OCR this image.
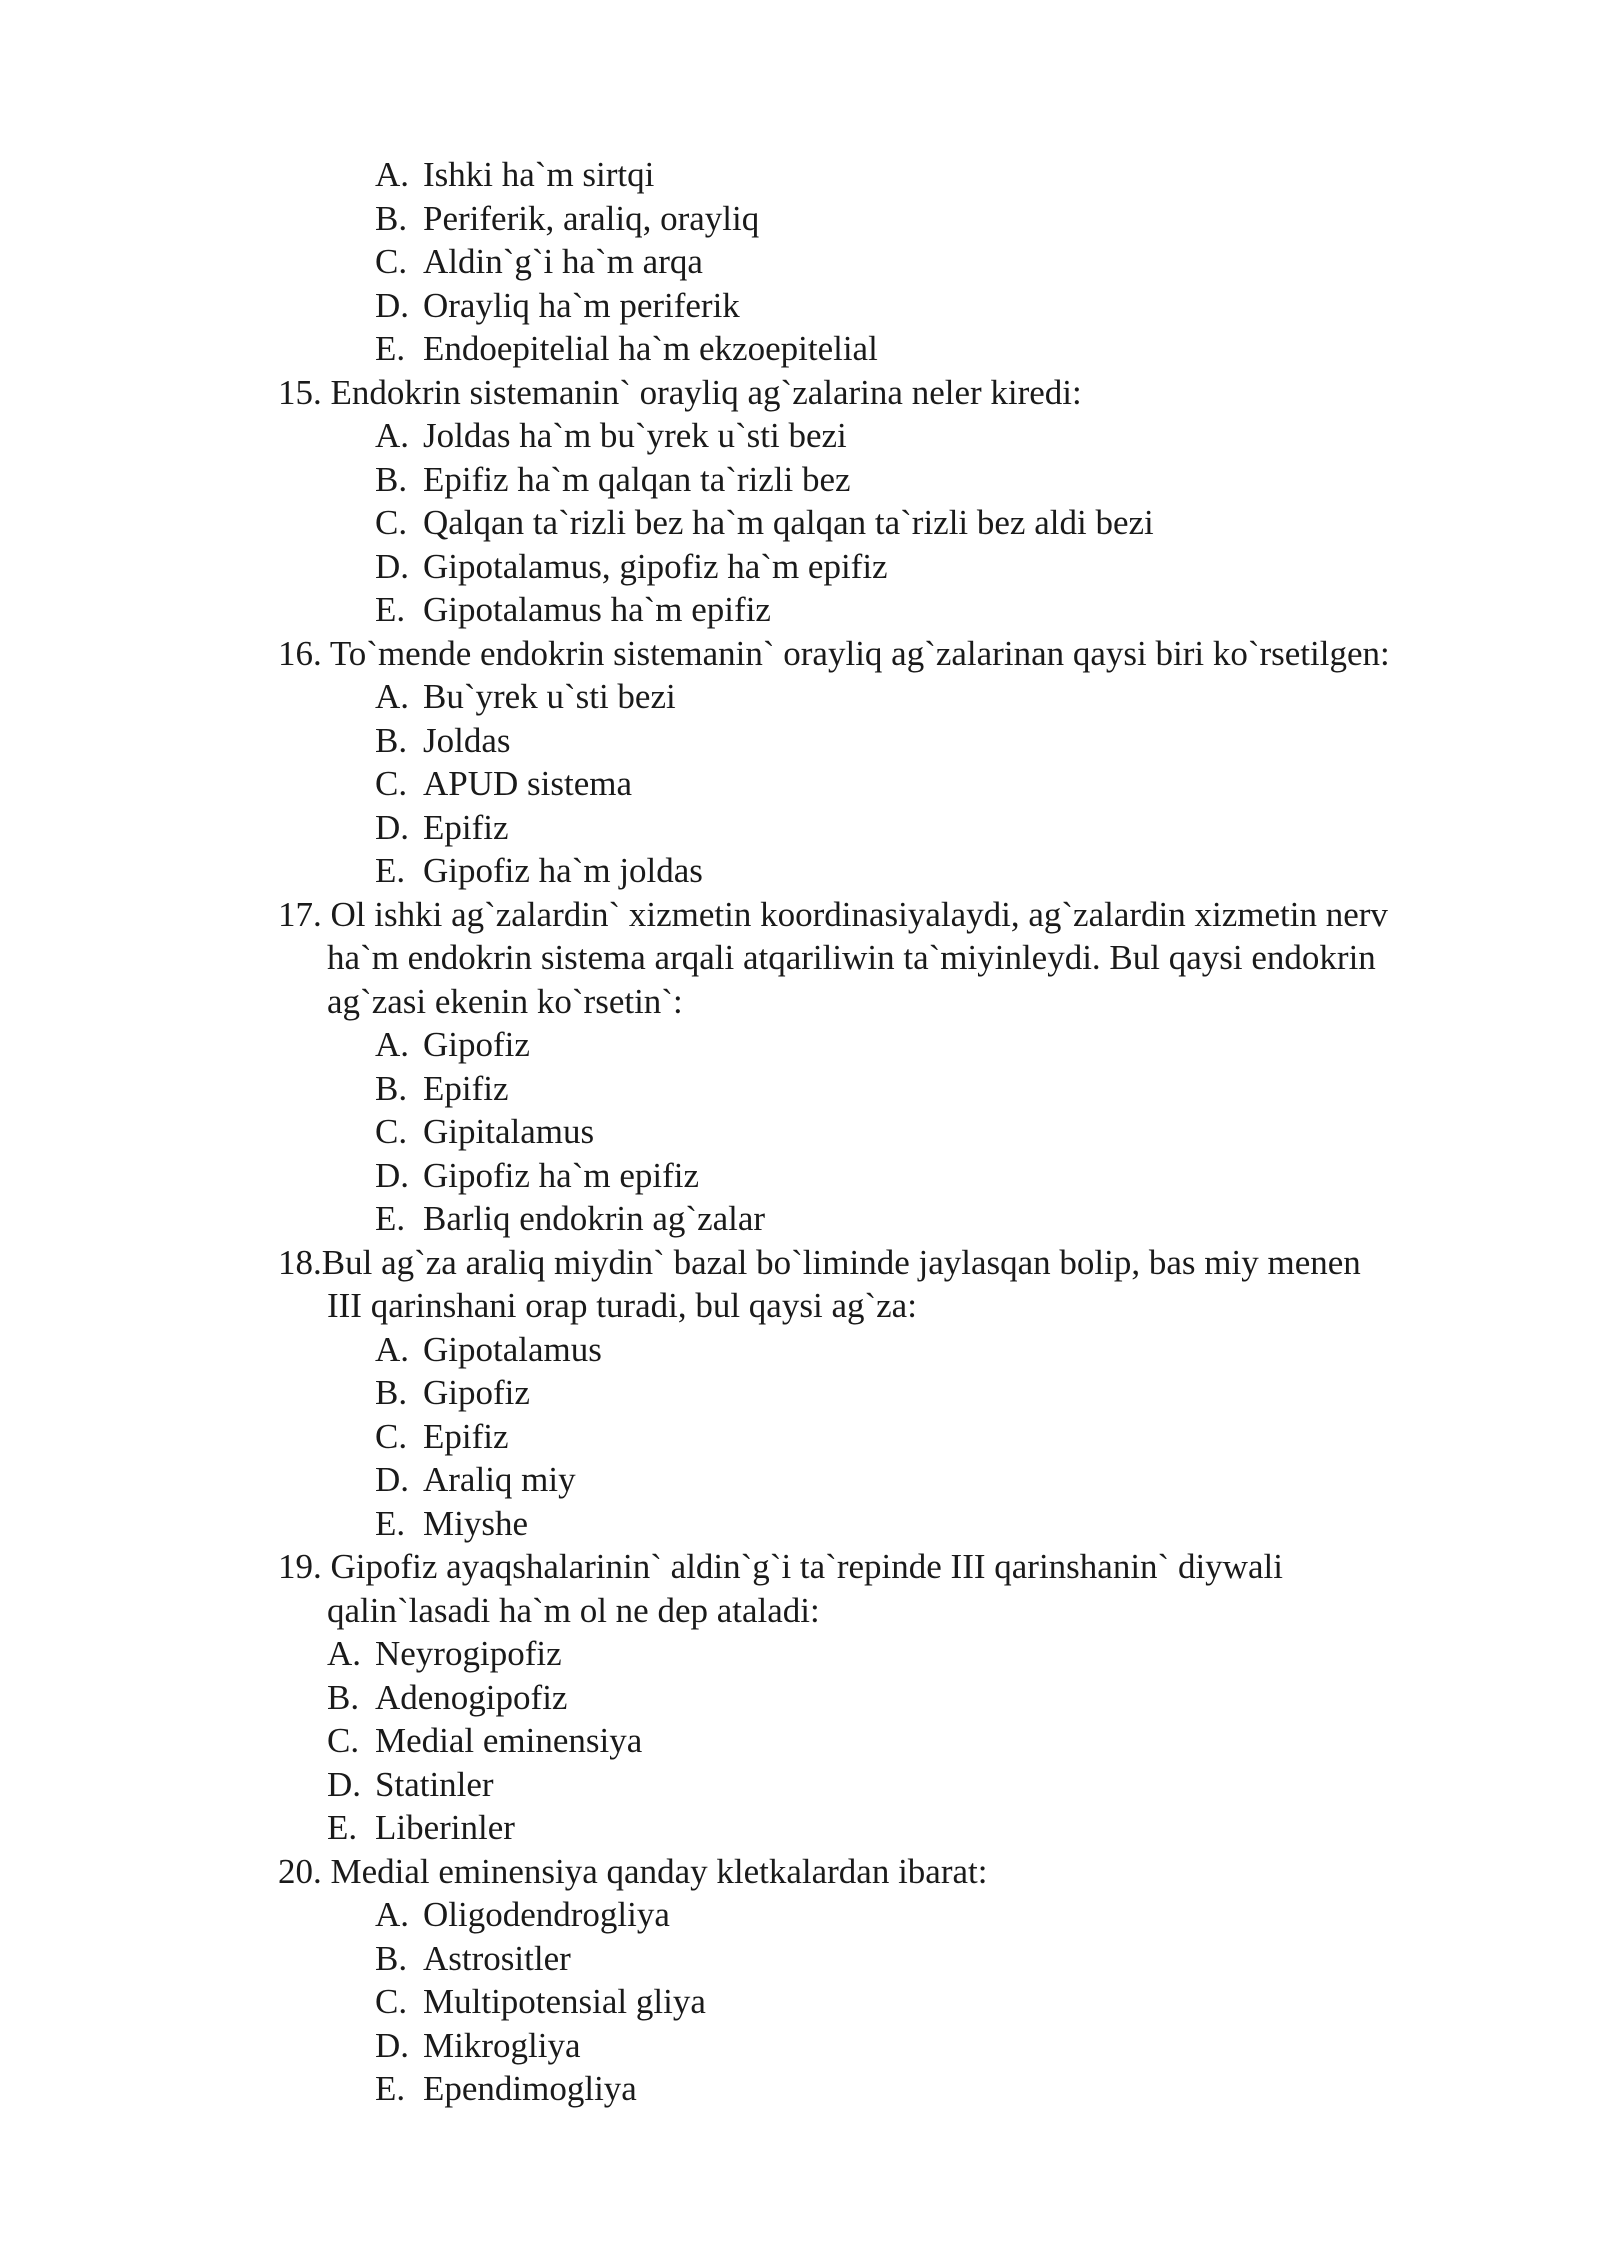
A. Ishki ha`m sirtqi
B. Periferik, araliq, orayliq
C. Aldin`g`i ha`m arqa
D. Orayliq ha`m periferik
E. Endoepitelial ha`m ekzoepitelial
15. Endokrin sistemanin` orayliq ag`zalarina neler kiredi:
A. Joldas ha`m bu`yrek u`sti bezi
B. Epifiz ha`m qalqan ta`rizli bez
C. Qalqan ta`rizli bez ha`m qalqan ta`rizli bez aldi bezi
D. Gipotalamus, gipofiz ha`m epifiz
E. Gipotalamus ha`m epifiz
16. To`mende endokrin sistemanin` orayliq ag`zalarinan qaysi biri ko`rsetilgen:
A. Bu`yrek u`sti bezi
B. Joldas
C. APUD sistema
D. Epifiz
E. Gipofiz ha`m joldas
17. Ol ishki ag`zalardin` xizmetin koordinasiyalaydi, ag`zalardin xizmetin nerv
ha`m endokrin sistema arqali atqariliwin ta`miyinleydi. Bul qaysi endokrin
ag`zasi ekenin ko`rsetin`:
A. Gipofiz
B. Epifiz
C. Gipitalamus
D. Gipofiz ha`m epifiz
E. Barliq endokrin ag`zalar
18.Bul ag`za araliq miydin` bazal bo`liminde jaylasqan bolip, bas miy menen
III qarinshani orap turadi, bul qaysi ag`za:
A. Gipotalamus
B. Gipofiz
C. Epifiz
D. Araliq miy
E. Miyshe
19. Gipofiz ayaqshalarinin` aldin`g`i ta`repinde III qarinshanin` diywali
qalin`lasadi ha`m ol ne dep ataladi:
A. Neyrogipofiz
B. Adenogipofiz
C. Medial eminensiya
D. Statinler
E. Liberinler
20. Medial eminensiya qanday kletkalardan ibarat:
A. Oligodendrogliya
B. Astrositler
C. Multipotensial gliya
D. Mikrogliya
E. Ependimogliya
